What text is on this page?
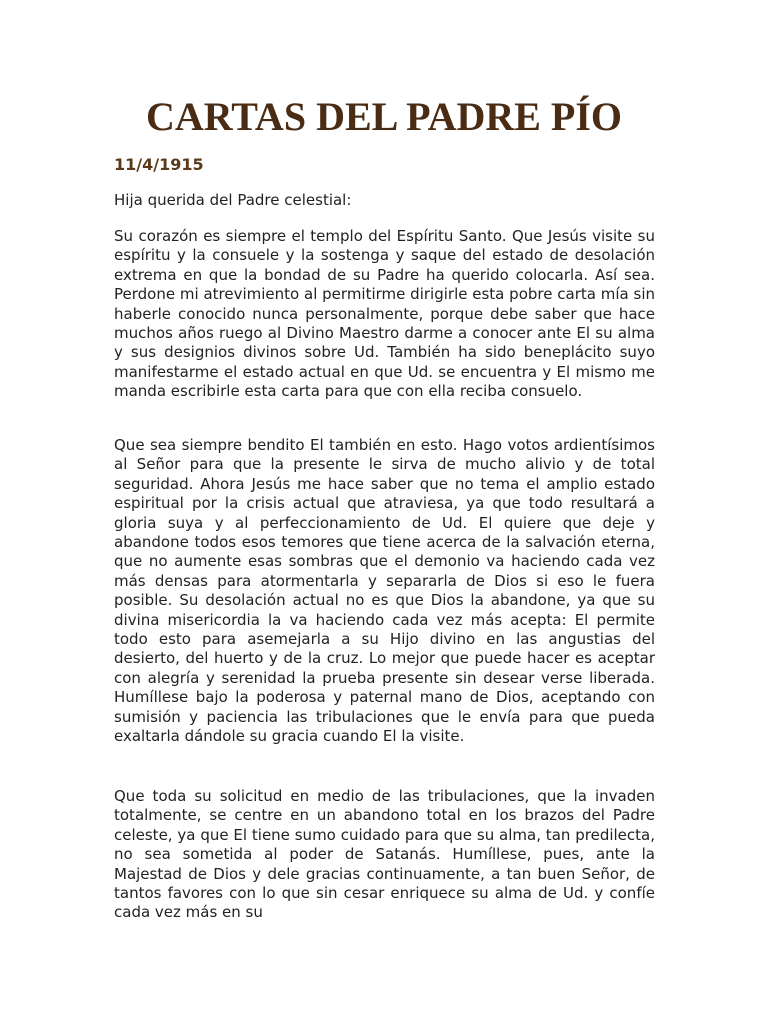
CARTAS DEL PADRE PÍO

11/4/1915

Hija querida del Padre celestial:

Su corazón es siempre el templo del Espíritu Santo. Que Jesús visite su espíritu y la consuele y la sostenga y saque del estado de desolación extrema en que la bondad de su Padre ha querido colocarla. Así sea. Perdone mi atrevimiento al permitirme dirigirle esta pobre carta mía sin haberle conocido nunca personalmente, porque debe saber que hace muchos años ruego al Divino Maestro darme a conocer ante El su alma y sus designios divinos sobre Ud. También ha sido beneplácito suyo manifestarme el estado actual en que Ud. se encuentra y El mismo me manda escribirle esta carta para que con ella reciba consuelo.

Que sea siempre bendito El también en esto. Hago votos ardientísimos al Señor para que la presente le sirva de mucho alivio y de total seguridad. Ahora Jesús me hace saber que no tema el amplio estado espiritual por la crisis actual que atraviesa, ya que todo resultará a gloria suya y al perfeccionamiento de Ud. El quiere que deje y abandone todos esos temores que tiene acerca de la salvación eterna, que no aumente esas sombras que el demonio va haciendo cada vez más densas para atormentarla y separarla de Dios si eso le fuera posible. Su desolación actual no es que Dios la abandone, ya que su divina misericordia la va haciendo cada vez más acepta: El permite todo esto para asemejarla a su Hijo divino en las angustias del desierto, del huerto y de la cruz. Lo mejor que puede hacer es aceptar con alegría y serenidad la prueba presente sin desear verse liberada. Humíllese bajo la poderosa y paternal mano de Dios, aceptando con sumisión y paciencia las tribulaciones que le envía para que pueda exaltarla dándole su gracia cuando El la visite.

Que toda su solicitud en medio de las tribulaciones, que la invaden totalmente, se centre en un abandono total en los brazos del Padre celeste, ya que El tiene sumo cuidado para que su alma, tan predilecta, no sea sometida al poder de Satanás. Humíllese, pues, ante la Majestad de Dios y dele gracias continuamente, a tan buen Señor, de tantos favores con lo que sin cesar enriquece su alma de Ud. y confíe cada vez más en su
